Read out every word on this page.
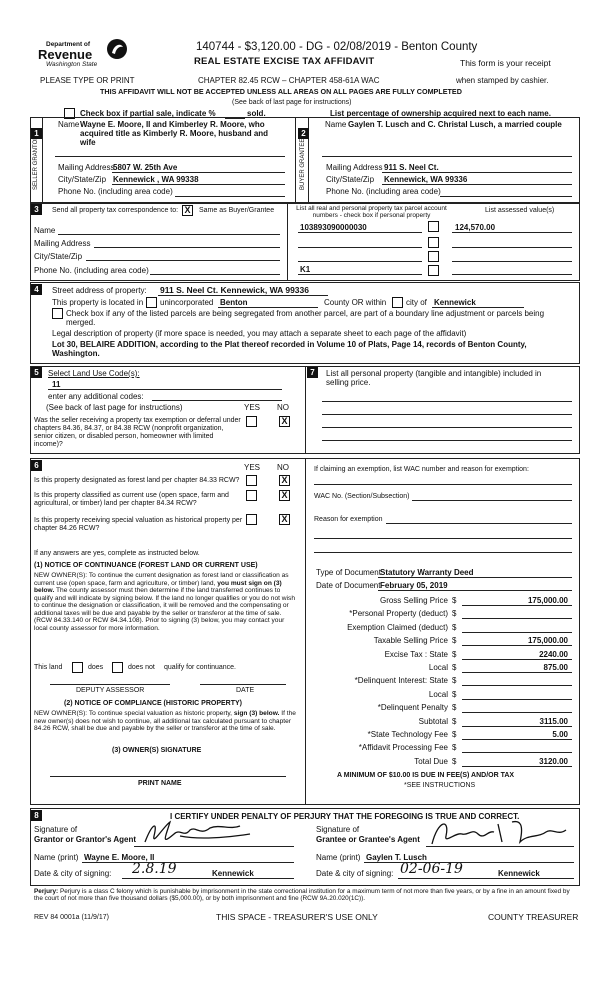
Department of
Revenue
Washington State
140744 - $3,120.00 - DG - 02/08/2019 - Benton County
REAL ESTATE EXCISE TAX AFFIDAVIT	This form is your receipt
PLEASE TYPE OR PRINT	CHAPTER 82.45 RCW – CHAPTER 458-61A WAC	when stamped by cashier.
THIS AFFIDAVIT WILL NOT BE ACCEPTED UNLESS ALL AREAS ON ALL PAGES ARE FULLY COMPLETED
(See back of last page for instructions)
Check box if partial sale, indicate %	sold.	List percentage of ownership acquired next to each name.
1
SELLER GRANTOR
Name Wayne E. Moore, II and Kimberley R. Moore, who acquired title as Kimberly R. Moore, husband and wife
Mailing Address
5807 W. 25th Ave
City/State/Zip Kennewick , WA 99338
Phone No. (including area code)
2
BUYER GRANTEE
Name Gaylen T. Lusch and C. Christal Lusch, a married couple
Mailing Address 911 S. Neel Ct.
City/State/Zip Kennewick, WA 99336
Phone No. (including area code)
3	Send all property tax correspondence to: X	Same as Buyer/Grantee
Name
Mailing Address
City/State/Zip
Phone No. (including area code)
List all real and personal property tax parcel account numbers - check box if personal property
List assessed value(s)
103893090000030	124,570.00
K1
4	Street address of property: 911 S. Neel Ct. Kennewick, WA 99336
This property is located in unincorporated Benton	County OR within city of Kennewick
Check box if any of the listed parcels are being segregated from another parcel, are part of a boundary line adjustment or parcels being merged.
Legal description of property (if more space is needed, you may attach a separate sheet to each page of the affidavit)
Lot 30, BELAIRE ADDITION, according to the Plat thereof recorded in Volume 10 of Plats, Page 14, records of Benton County, Washington.
5	Select Land Use Code(s):
11
enter any additional codes:
(See back of last page for instructions)	YES NO
Was the seller receiving a property tax exemption or deferral under chapters 84.36, 84.37, or 84.38 RCW (nonprofit organization, senior citizen, or disabled person, homeowner with limited income)?
X
7	List all personal property (tangible and intangible) included in selling price.
6	YES NO
Is this property designated as forest land per chapter 84.33 RCW?	X
Is this property classified as current use (open space, farm and agricultural, or timber) land per chapter 84.34 RCW?
X
Is this property receiving special valuation as historical property per chapter 84.26 RCW?
X
If any answers are yes, complete as instructed below.
(1) NOTICE OF CONTINUANCE (FOREST LAND OR CURRENT USE)
NEW OWNER(S): To continue the current designation as forest land or classification as current use (open space, farm and agriculture, or timber) land, you must sign on (3) below. The county assessor must then determine if the land transferred continues to qualify and will indicate by signing below. If the land no longer qualifies or you do not wish to continue the designation or classification, it will be removed and the compensating or additional taxes will be due and payable by the seller or transferor at the time of sale. (RCW 84.33.140 or RCW 84.34.108). Prior to signing (3) below, you may contact your local county assessor for more information.
This land	does	does not qualify for continuance.
DEPUTY ASSESSOR	DATE
(2) NOTICE OF COMPLIANCE (HISTORIC PROPERTY)
NEW OWNER(S): To continue special valuation as historic property, sign (3) below. If the new owner(s) does not wish to continue, all additional tax calculated pursuant to chapter 84.26 RCW, shall be due and payable by the seller or transferor at the time of sale.
(3) OWNER(S) SIGNATURE
PRINT NAME
If claiming an exemption, list WAC number and reason for exemption:
WAC No. (Section/Subsection)
Reason for exemption
Type of Document Statutory Warranty Deed
Date of Document February 05, 2019
Gross Selling Price $	175,000.00
*Personal Property (deduct) $
Exemption Claimed (deduct) $
Taxable Selling Price $	175,000.00
Excise Tax : State $	2240.00
Local $	875.00
*Delinquent Interest: State $
Local $
*Delinquent Penalty $
Subtotal $	3115.00
*State Technology Fee $	5.00
*Affidavit Processing Fee $
Total Due $	3120.00
A MINIMUM OF $10.00 IS DUE IN FEE(S) AND/OR TAX
*SEE INSTRUCTIONS
8	I CERTIFY UNDER PENALTY OF PERJURY THAT THE FOREGOING IS TRUE AND CORRECT.
Signature of
Grantor or Grantor's Agent
Signature of
Grantee or Grantee's Agent
Name (print) Wayne E. Moore, II	Name (print) Gaylen T. Lusch
Date & city of signing: 2.8.19	Kennewick	Date & city of signing: 02-06-19	Kennewick
Perjury: Perjury is a class C felony which is punishable by imprisonment in the state correctional institution for a maximum term of not more than five years, or by a fine in an amount fixed by the court of not more than five thousand dollars ($5,000.00), or by both imprisonment and fine (RCW 9A.20.020(1C)).
REV 84 0001a (11/9/17)	THIS SPACE - TREASURER'S USE ONLY	COUNTY TREASURER
